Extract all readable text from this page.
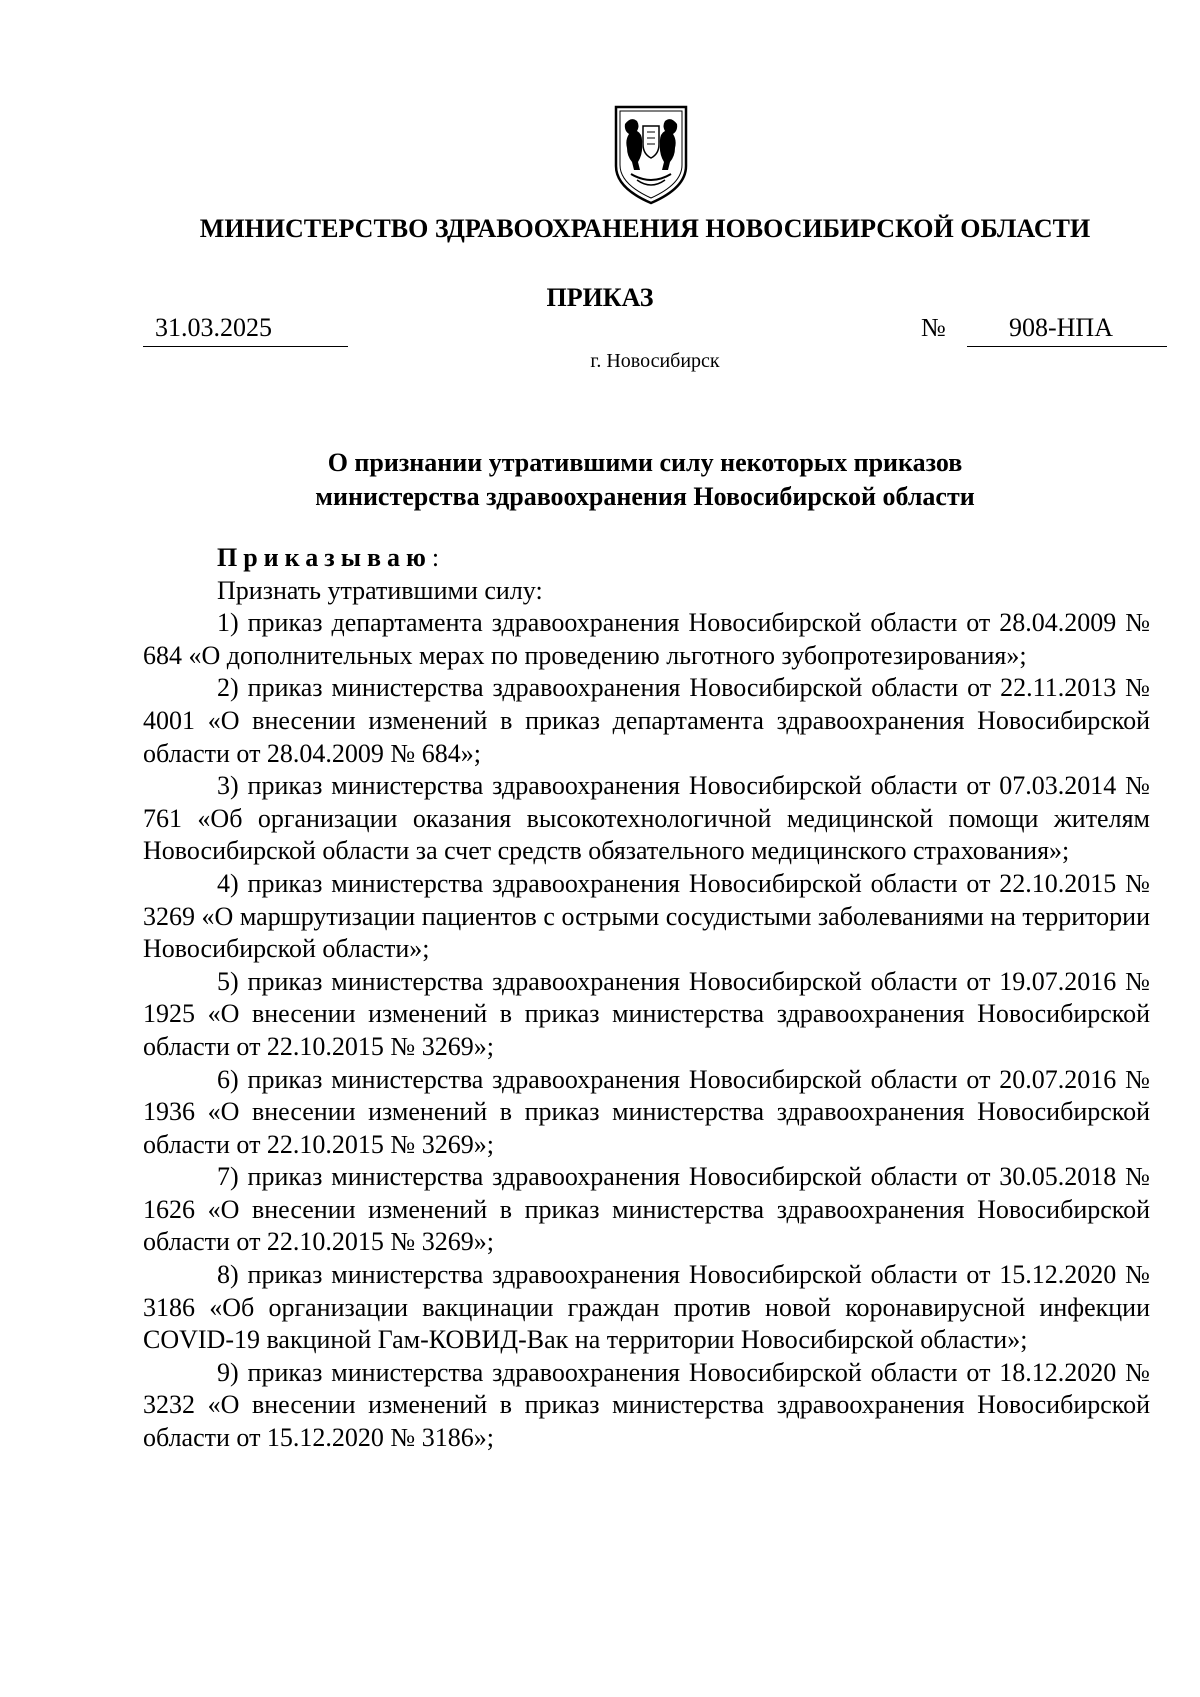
МИНИСТЕРСТВО ЗДРАВООХРАНЕНИЯ НОВОСИБИРСКОЙ ОБЛАСТИ
ПРИКАЗ
31.03.2025	№ 908-НПА
г. Новосибирск
О признании утратившими силу некоторых приказов
министерства здравоохранения Новосибирской области

Приказываю:

Признать утратившими силу:

1) приказ департамента здравоохранения Новосибирской области от 28.04.2009 № 684 «О дополнительных мерах по проведению льготного зубопротезирования»;

2) приказ министерства здравоохранения Новосибирской области от 22.11.2013 № 4001 «О внесении изменений в приказ департамента здравоохранения Новосибирской области от 28.04.2009 № 684»;

3) приказ министерства здравоохранения Новосибирской области от 07.03.2014 № 761 «Об организации оказания высокотехнологичной медицинской помощи жителям Новосибирской области за счет средств обязательного медицинского страхования»;

4) приказ министерства здравоохранения Новосибирской области от 22.10.2015 № 3269 «О маршрутизации пациентов с острыми сосудистыми заболеваниями на территории Новосибирской области»;

5) приказ министерства здравоохранения Новосибирской области от 19.07.2016 № 1925 «О внесении изменений в приказ министерства здравоохранения Новосибирской области от 22.10.2015 № 3269»;

6) приказ министерства здравоохранения Новосибирской области от 20.07.2016 № 1936 «О внесении изменений в приказ министерства здравоохранения Новосибирской области от 22.10.2015 № 3269»;

7) приказ министерства здравоохранения Новосибирской области от 30.05.2018 № 1626 «О внесении изменений в приказ министерства здравоохранения Новосибирской области от 22.10.2015 № 3269»;

8) приказ министерства здравоохранения Новосибирской области от 15.12.2020 № 3186 «Об организации вакцинации граждан против новой коронавирусной инфекции COVID-19 вакциной Гам-КОВИД-Вак на территории Новосибирской области»;

9) приказ министерства здравоохранения Новосибирской области от 18.12.2020 № 3232 «О внесении изменений в приказ министерства здравоохранения Новосибирской области от 15.12.2020 № 3186»;
